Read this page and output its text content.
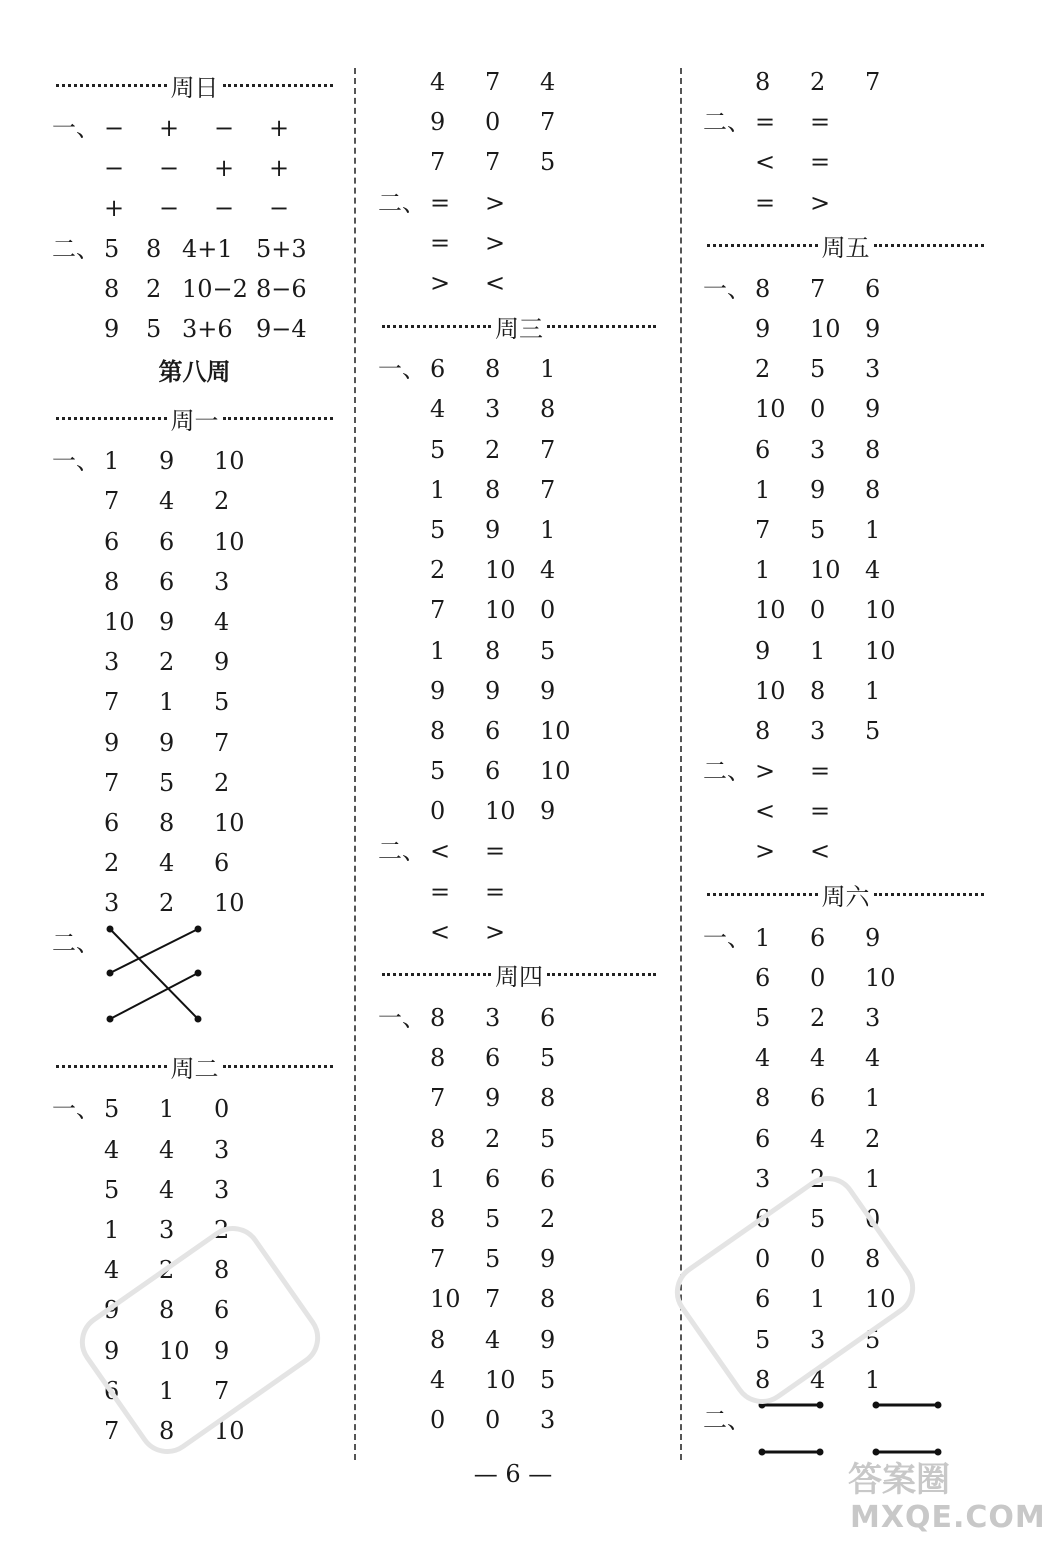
周日
一、 −	+	−	+
−	−	+	+
+	−	−	−
二、 5	8 4+1 5+3
8	2 10−2 8−6
9	5 3+6 9−4
第八周
周一
一、 1	9	10
7	4	2
6	6	10
8	6	3
10	9	4
3	2	9
7	1	5
9	9	7
7	5	2
6	8	10
2	4	6
3	2	10
二、
周二
一、 5	1	0
4	4	3
5	4	3
1	3	2
4	2	8
9	8	6
9	10	9
6	1	7
7	8	10
4	7	4
9	0	7
7	7	5
二、 =	>
=	>
>	<
周三
一、 6	8	1
4	3	8
5	2	7
1	8	7
5	9	1
2	10	4
7	10	0
1	8	5
9	9	9
8	6	10
5	6	10
0	10	9
二、 <	=
=	=
<	>
周四
一、 8	3	6
8	6	5
7	9	8
8	2	5
1	6	6
8	5	2
7	5	9
10	7	8
8	4	9
4	10	5
0	0	3
8	2	7
二、 =	=
<	=
=	>
周五
一、 8	7	6
9	10	9
2	5	3
10	0	9
6	3	8
1	9	8
7	5	1
1	10	4
10	0	10
9	1	10
10	8	1
8	3	5
二、 >	=
<	=
>	<
周六
一、 1	6	9
6	0	10
5	2	3
4	4	4
8	6	1
6	4	2
3	2	1
6	5	0
0	0	8
6	1	10
5	3	5
8	4	1
二、
— 6 —	答案圈
MXQE.COM
